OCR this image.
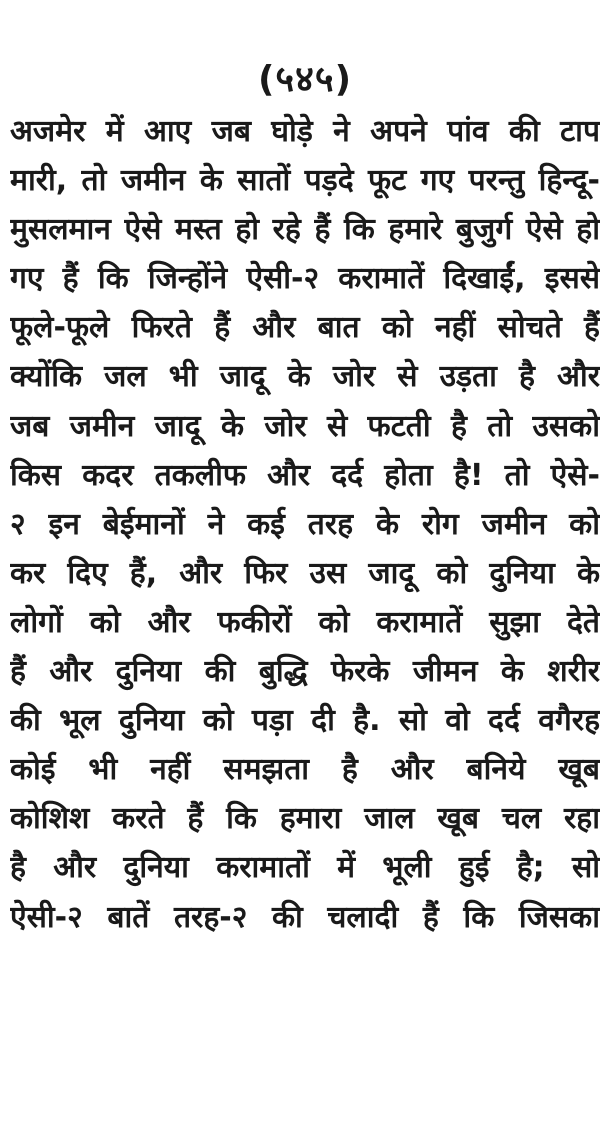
(५४५)
अजमेर में आए जब घोड़े ने अपने पांव की टाप
मारी, तो जमीन के सातों पड़दे फूट गए परन्तु हिन्दू-
मुसलमान ऐसे मस्त हो रहे हैं कि हमारे बुजुर्ग ऐसे हो
गए हैं कि जिन्होंने ऐसी-२ करामातें दिखाईं, इससे
फूले-फूले फिरते हैं और बात को नहीं सोचते हैं
क्योंकि जल भी जादू के जोर से उड़ता है और
जब जमीन जादू के जोर से फटती है तो उसको
किस कदर तकलीफ और दर्द होता है! तो ऐसे-
२ इन बेईमानों ने कई तरह के रोग जमीन को
कर दिए हैं, और फिर उस जादू को दुनिया के
लोगों को और फकीरों को करामातें सुझा देते
हैं और दुनिया की बुद्धि फेरके जीमन के शरीर
की भूल दुनिया को पड़ा दी है. सो वो दर्द वगैरह
कोई भी नहीं समझता है और बनिये खूब
कोशिश करते हैं कि हमारा जाल खूब चल रहा
है और दुनिया करामातों में भूली हुई है; सो
ऐसी-२ बातें तरह-२ की चलादी हैं कि जिसका
